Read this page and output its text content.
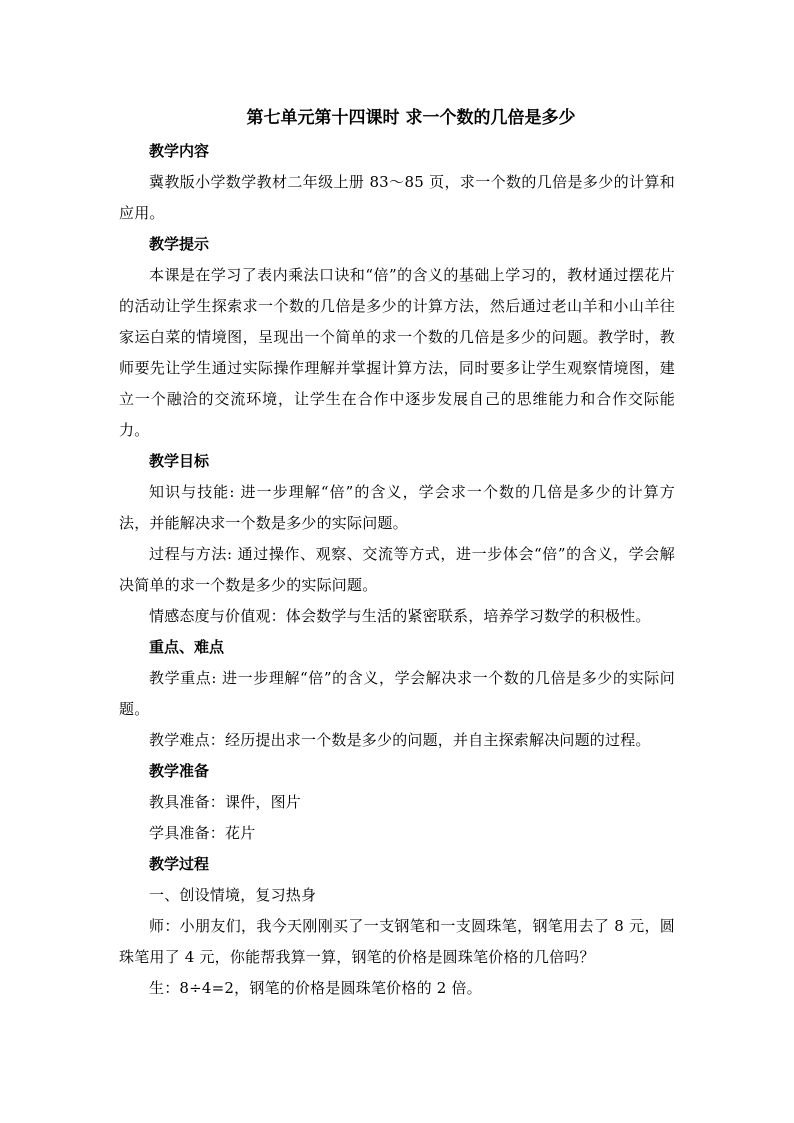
第七单元第十四课时 求一个数的几倍是多少
教学内容
冀教版小学数学教材二年级上册 83～85 页，求一个数的几倍是多少的计算和应用。
教学提示
本课是在学习了表内乘法口诀和“倍”的含义的基础上学习的，教材通过摆花片的活动让学生探索求一个数的几倍是多少的计算方法，然后通过老山羊和小山羊往家运白菜的情境图，呈现出一个简单的求一个数的几倍是多少的问题。教学时，教师要先让学生通过实际操作理解并掌握计算方法，同时要多让学生观察情境图，建立一个融洽的交流环境，让学生在合作中逐步发展自己的思维能力和合作交际能力。
教学目标
知识与技能: 进一步理解“倍”的含义，学会求一个数的几倍是多少的计算方法，并能解决求一个数是多少的实际问题。
过程与方法: 通过操作、观察、交流等方式，进一步体会“倍”的含义，学会解决简单的求一个数是多少的实际问题。
情感态度与价值观：体会数学与生活的紧密联系，培养学习数学的积极性。
重点、难点
教学重点: 进一步理解“倍”的含义，学会解决求一个数的几倍是多少的实际问题。
教学难点：经历提出求一个数是多少的问题，并自主探索解决问题的过程。
教学准备
教具准备：课件，图片
学具准备：花片
教学过程
一、创设情境，复习热身
师：小朋友们，我今天刚刚买了一支钢笔和一支圆珠笔，钢笔用去了 8 元，圆珠笔用了 4 元，你能帮我算一算，钢笔的价格是圆珠笔价格的几倍吗？
生：8÷4=2，钢笔的价格是圆珠笔价格的 2 倍。
